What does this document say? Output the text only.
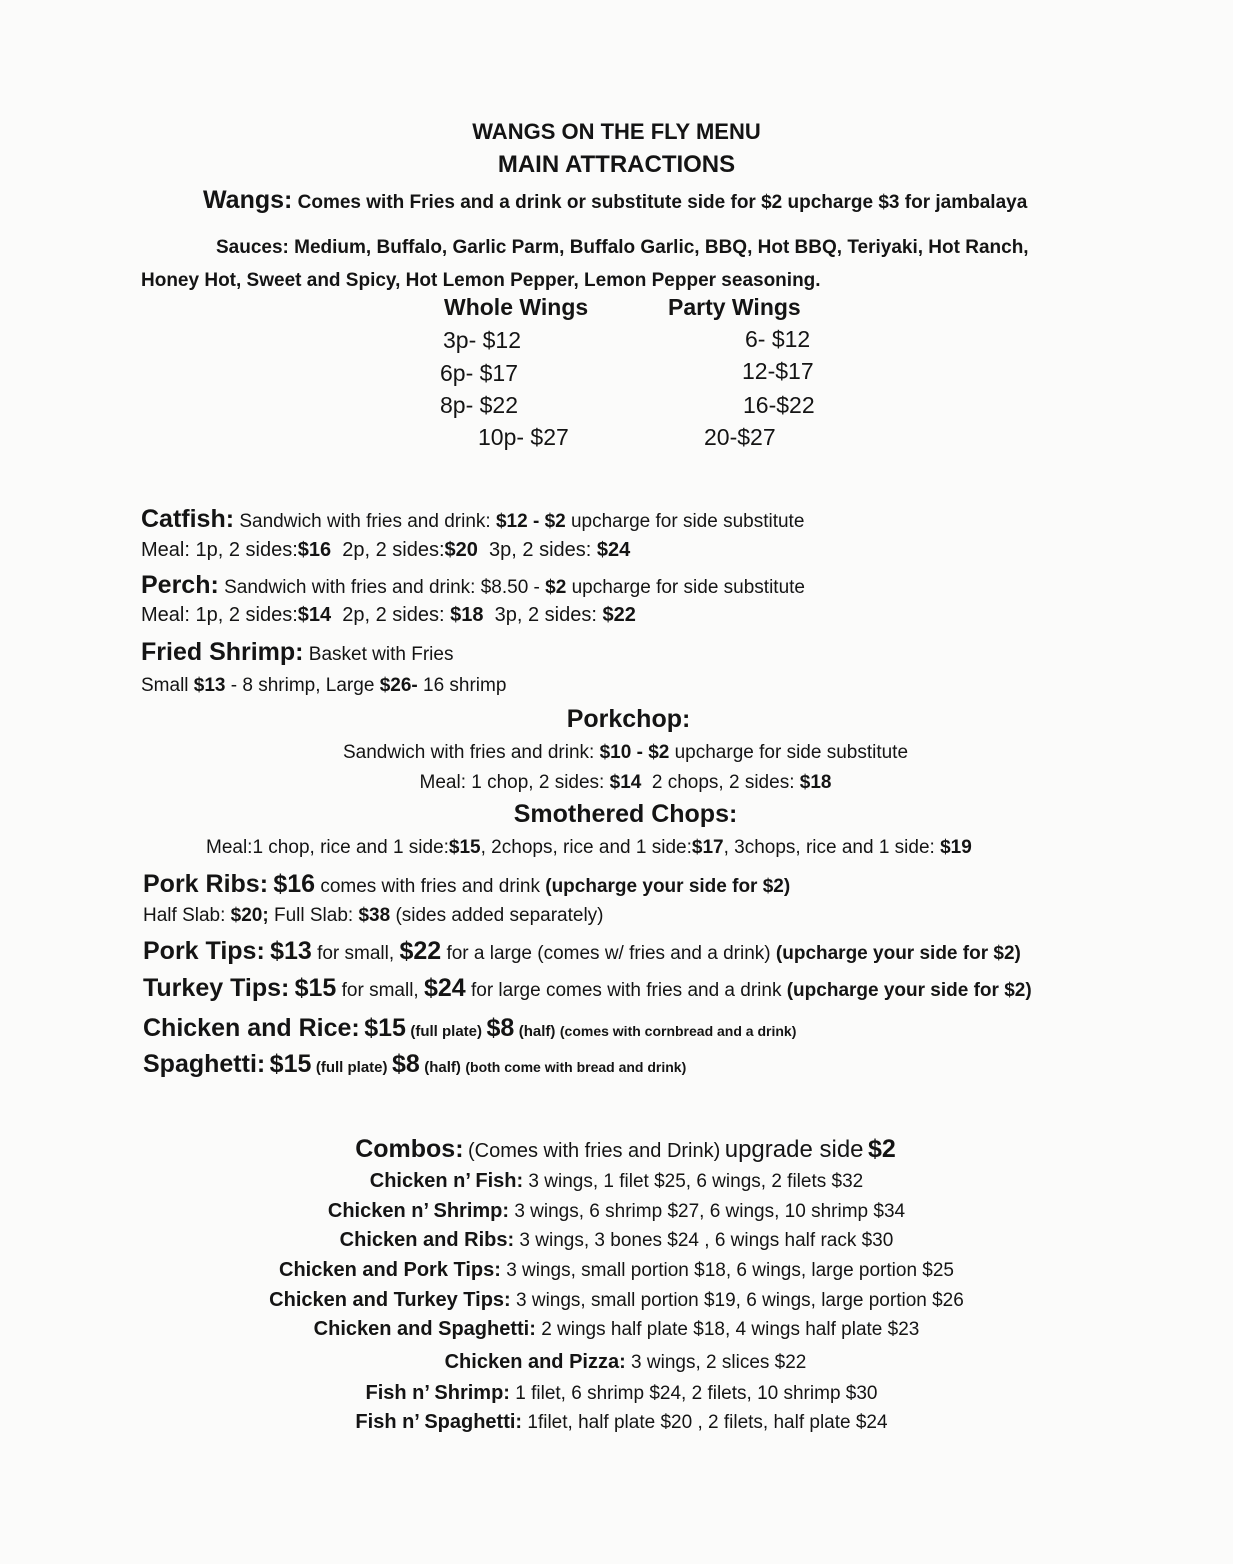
WANGS ON THE FLY MENU
MAIN ATTRACTIONS
Wangs: Comes with Fries and a drink or substitute side for $2 upcharge $3 for jambalaya
Sauces: Medium, Buffalo, Garlic Parm, Buffalo Garlic, BBQ, Hot BBQ, Teriyaki, Hot Ranch,
Honey Hot, Sweet and Spicy, Hot Lemon Pepper, Lemon Pepper seasoning.
Whole Wings	Party Wings
3p- $12
6p- $17
8p- $22
10p- $27
6- $12
12-$17
16-$22
20-$27
Catfish: Sandwich with fries and drink: $12 - $2 upcharge for side substitute
Meal: 1p, 2 sides:$16 2p, 2 sides:$20 3p, 2 sides: $24
Perch: Sandwich with fries and drink: $8.50 - $2 upcharge for side substitute
Meal: 1p, 2 sides:$14 2p, 2 sides: $18 3p, 2 sides: $22
Fried Shrimp: Basket with Fries
Small $13 - 8 shrimp, Large $26- 16 shrimp
Porkchop:
Sandwich with fries and drink: $10 - $2 upcharge for side substitute
Meal: 1 chop, 2 sides: $14 2 chops, 2 sides: $18
Smothered Chops:
Meal:1 chop, rice and 1 side:$15, 2chops, rice and 1 side:$17, 3chops, rice and 1 side: $19
Pork Ribs: $16 comes with fries and drink (upcharge your side for $2)
Half Slab: $20; Full Slab: $38 (sides added separately)
Pork Tips: $13 for small, $22 for a large (comes w/ fries and a drink) (upcharge your side for $2)
Turkey Tips: $15 for small, $24 for large comes with fries and a drink (upcharge your side for $2)
Chicken and Rice: $15 (full plate) $8 (half) (comes with cornbread and a drink)
Spaghetti: $15 (full plate) $8 (half) (both come with bread and drink)
Combos: (Comes with fries and Drink) upgrade side $2
Chicken n’ Fish: 3 wings, 1 filet $25, 6 wings, 2 filets $32
Chicken n’ Shrimp: 3 wings, 6 shrimp $27, 6 wings, 10 shrimp $34
Chicken and Ribs: 3 wings, 3 bones $24 , 6 wings half rack $30
Chicken and Pork Tips: 3 wings, small portion $18, 6 wings, large portion $25
Chicken and Turkey Tips: 3 wings, small portion $19, 6 wings, large portion $26
Chicken and Spaghetti: 2 wings half plate $18, 4 wings half plate $23
Chicken and Pizza: 3 wings, 2 slices $22
Fish n’ Shrimp: 1 filet, 6 shrimp $24, 2 filets, 10 shrimp $30
Fish n’ Spaghetti: 1filet, half plate $20 , 2 filets, half plate $24
